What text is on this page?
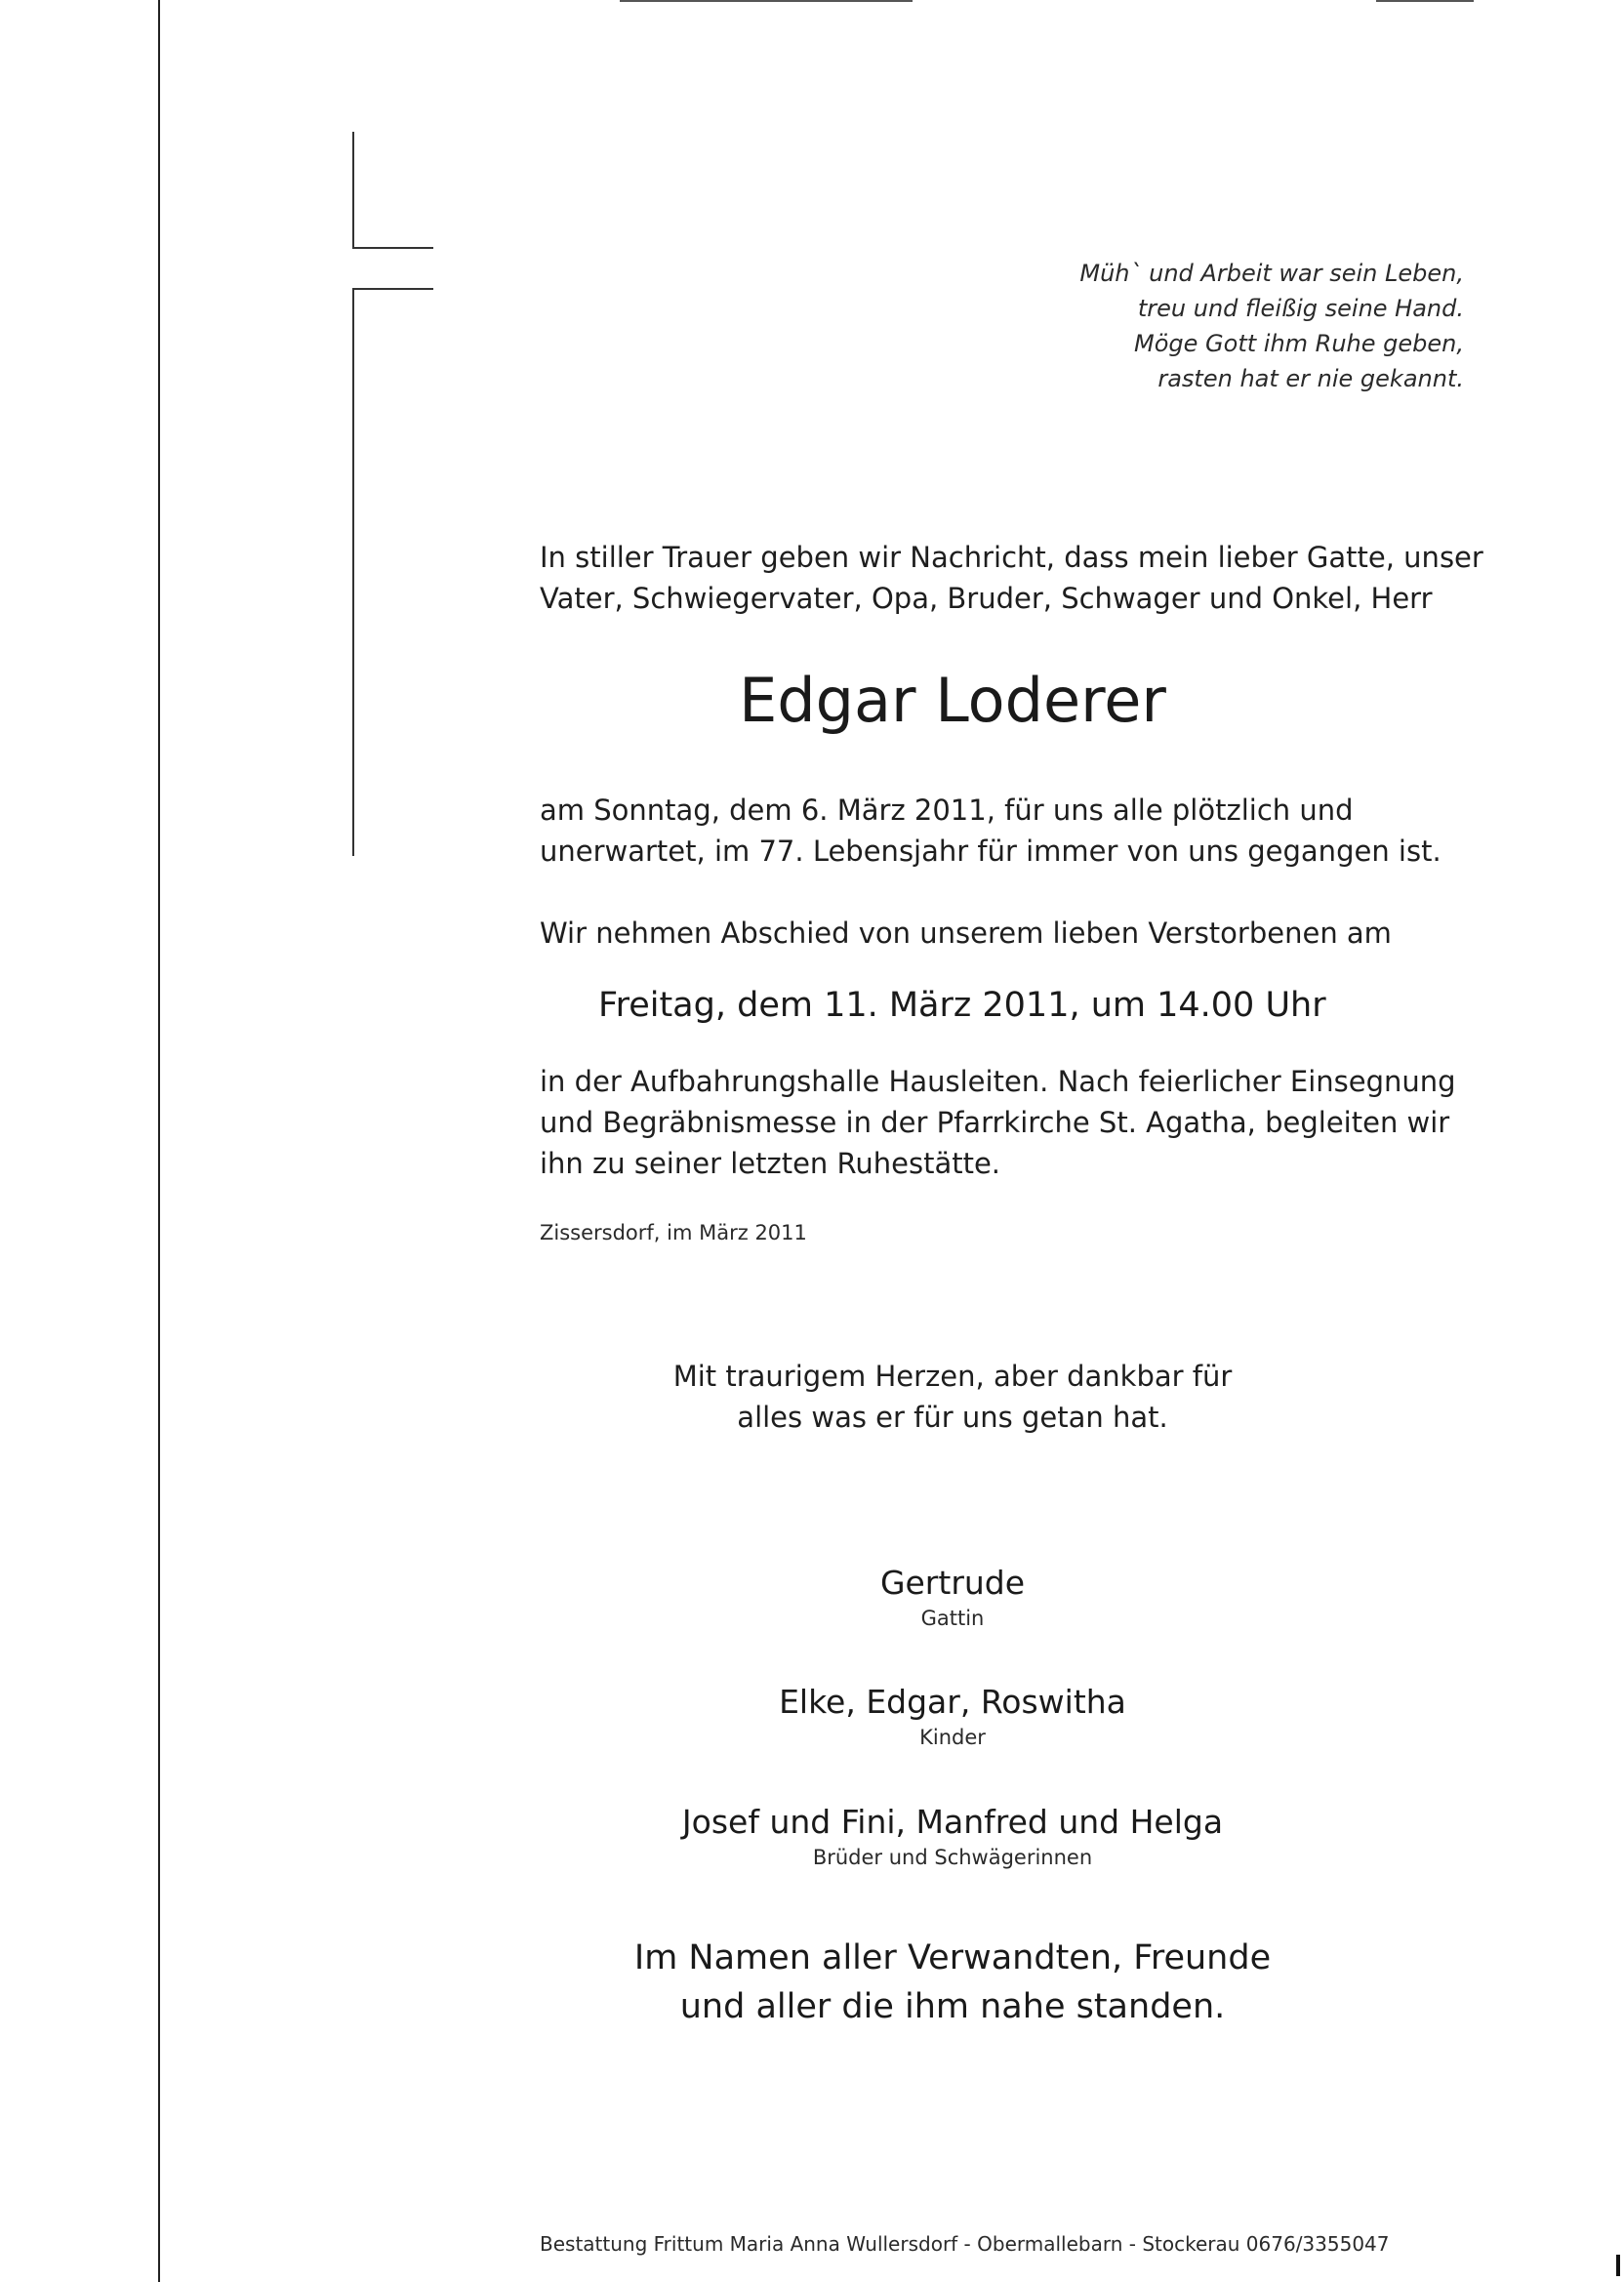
Müh` und Arbeit war sein Leben,
treu und fleißig seine Hand.
Möge Gott ihm Ruhe geben,
rasten hat er nie gekannt.
In stiller Trauer geben wir Nachricht, dass mein lieber Gatte, unser
Vater, Schwiegervater, Opa, Bruder, Schwager und Onkel, Herr
Edgar Loderer
am Sonntag, dem 6. März 2011, für uns alle plötzlich und
unerwartet, im 77. Lebensjahr für immer von uns gegangen ist.
Wir nehmen Abschied von unserem lieben Verstorbenen am
Freitag, dem 11. März 2011, um 14.00 Uhr
in der Aufbahrungshalle Hausleiten. Nach feierlicher Einsegnung
und Begräbnismesse in der Pfarrkirche St. Agatha, begleiten wir
ihn zu seiner letzten Ruhestätte.
Zissersdorf, im März 2011
Mit traurigem Herzen, aber dankbar für
alles was er für uns getan hat.
Gertrude
Gattin
Elke, Edgar, Roswitha
Kinder
Josef und Fini, Manfred und Helga
Brüder und Schwägerinnen
Im Namen aller Verwandten, Freunde
und aller die ihm nahe standen.
Bestattung Frittum Maria Anna Wullersdorf - Obermallebarn - Stockerau 0676/3355047
